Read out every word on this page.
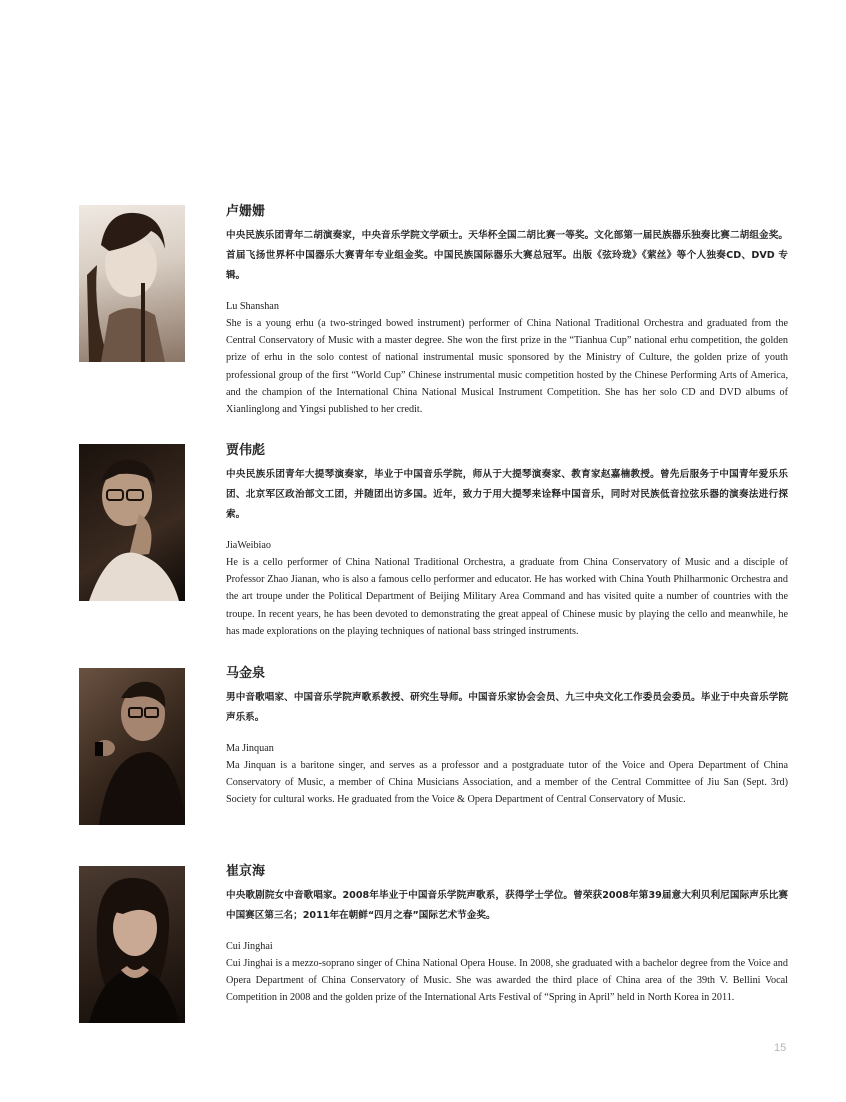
卢姗姗

中央民族乐团青年二胡演奏家，中央音乐学院文学硕士。天华杯全国二胡比赛一等奖。文化部第一届民族器乐独奏比赛二胡组金奖。首届飞扬世界杯中国器乐大赛青年专业组金奖。中国民族国际器乐大赛总冠军。出版《弦玲珑》《萦丝》等个人独奏CD、DVD 专辑。

Lu Shanshan

She is a young erhu (a two-stringed bowed instrument) performer of China National Traditional Orchestra and graduated from the Central Conservatory of Music with a master degree. She won the first prize in the “Tianhua Cup” national erhu competition, the golden prize of erhu in the solo contest of national instrumental music sponsored by the Ministry of Culture, the golden prize of youth professional group of the first “World Cup” Chinese instrumental music competition hosted by the Chinese Performing Arts of America, and the champion of the International China National Musical Instrument Competition. She has her solo CD and DVD albums of Xianlinglong and Yingsi published to her credit.

贾伟彪

中央民族乐团青年大提琴演奏家，毕业于中国音乐学院，师从于大提琴演奏家、教育家赵嘉楠教授。曾先后服务于中国青年爱乐乐团、北京军区政治部文工团，并随团出访多国。近年，致力于用大提琴来诠释中国音乐，同时对民族低音拉弦乐器的演奏法进行探索。

JiaWeibiao

He is a cello performer of China National Traditional Orchestra, a graduate from China Conservatory of Music and a disciple of Professor Zhao Jianan, who is also a famous cello performer and educator. He has worked with China Youth Philharmonic Orchestra and the art troupe under the Political Department of Beijing Military Area Command and has visited quite a number of countries with the troupe. In recent years, he has been devoted to demonstrating the great appeal of Chinese music by playing the cello and meanwhile, he has made explorations on the playing techniques of national bass stringed instruments.

马金泉

男中音歌唱家、中国音乐学院声歌系教授、研究生导师。中国音乐家协会会员、九三中央文化工作委员会委员。毕业于中央音乐学院声乐系。

Ma Jinquan

Ma Jinquan is a baritone singer, and serves as a professor and a postgraduate tutor of the Voice and Opera Department of China Conservatory of Music, a member of China Musicians Association, and a member of the Central Committee of Jiu San (Sept. 3rd) Society for cultural works. He graduated from the Voice & Opera Department of Central Conservatory of Music.

崔京海

中央歌剧院女中音歌唱家。2008年毕业于中国音乐学院声歌系，获得学士学位。曾荣获2008年第39届意大利贝利尼国际声乐比赛中国赛区第三名；2011年在朝鲜“四月之春”国际艺术节金奖。

Cui Jinghai

Cui Jinghai is a mezzo-soprano singer of China National Opera House. In 2008, she graduated with a bachelor degree from the Voice and Opera Department of China Conservatory of Music. She was awarded the third place of China area of the 39th V. Bellini Vocal Competition in 2008 and the golden prize of the International Arts Festival of “Spring in April” held in North Korea in 2011.

15
